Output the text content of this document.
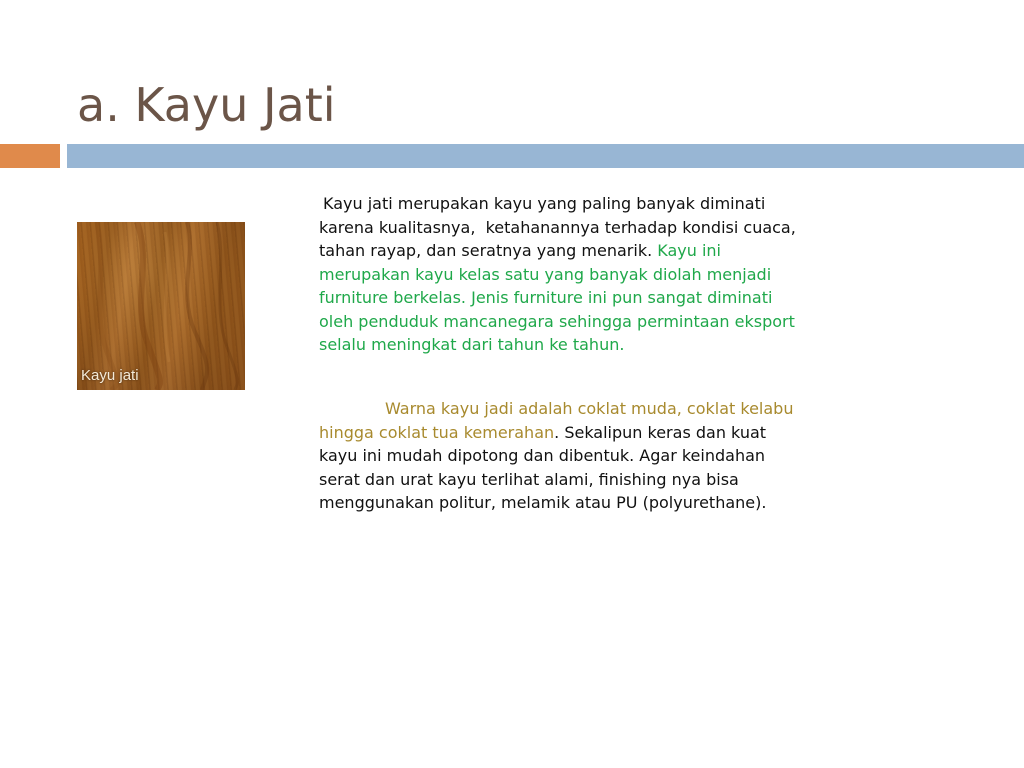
a. Kayu Jati
Kayu jati

Kayu jati merupakan kayu yang paling banyak diminati
karena kualitasnya,  ketahanannya terhadap kondisi cuaca,
tahan rayap, dan seratnya yang menarik. Kayu ini
merupakan kayu kelas satu yang banyak diolah menjadi
furniture berkelas. Jenis furniture ini pun sangat diminati
oleh penduduk mancanegara sehingga permintaan eksport
selalu meningkat dari tahun ke tahun.

Warna kayu jadi adalah coklat muda, coklat kelabu
hingga coklat tua kemerahan. Sekalipun keras dan kuat
kayu ini mudah dipotong dan dibentuk. Agar keindahan
serat dan urat kayu terlihat alami, finishing nya bisa
menggunakan politur, melamik atau PU (polyurethane).
